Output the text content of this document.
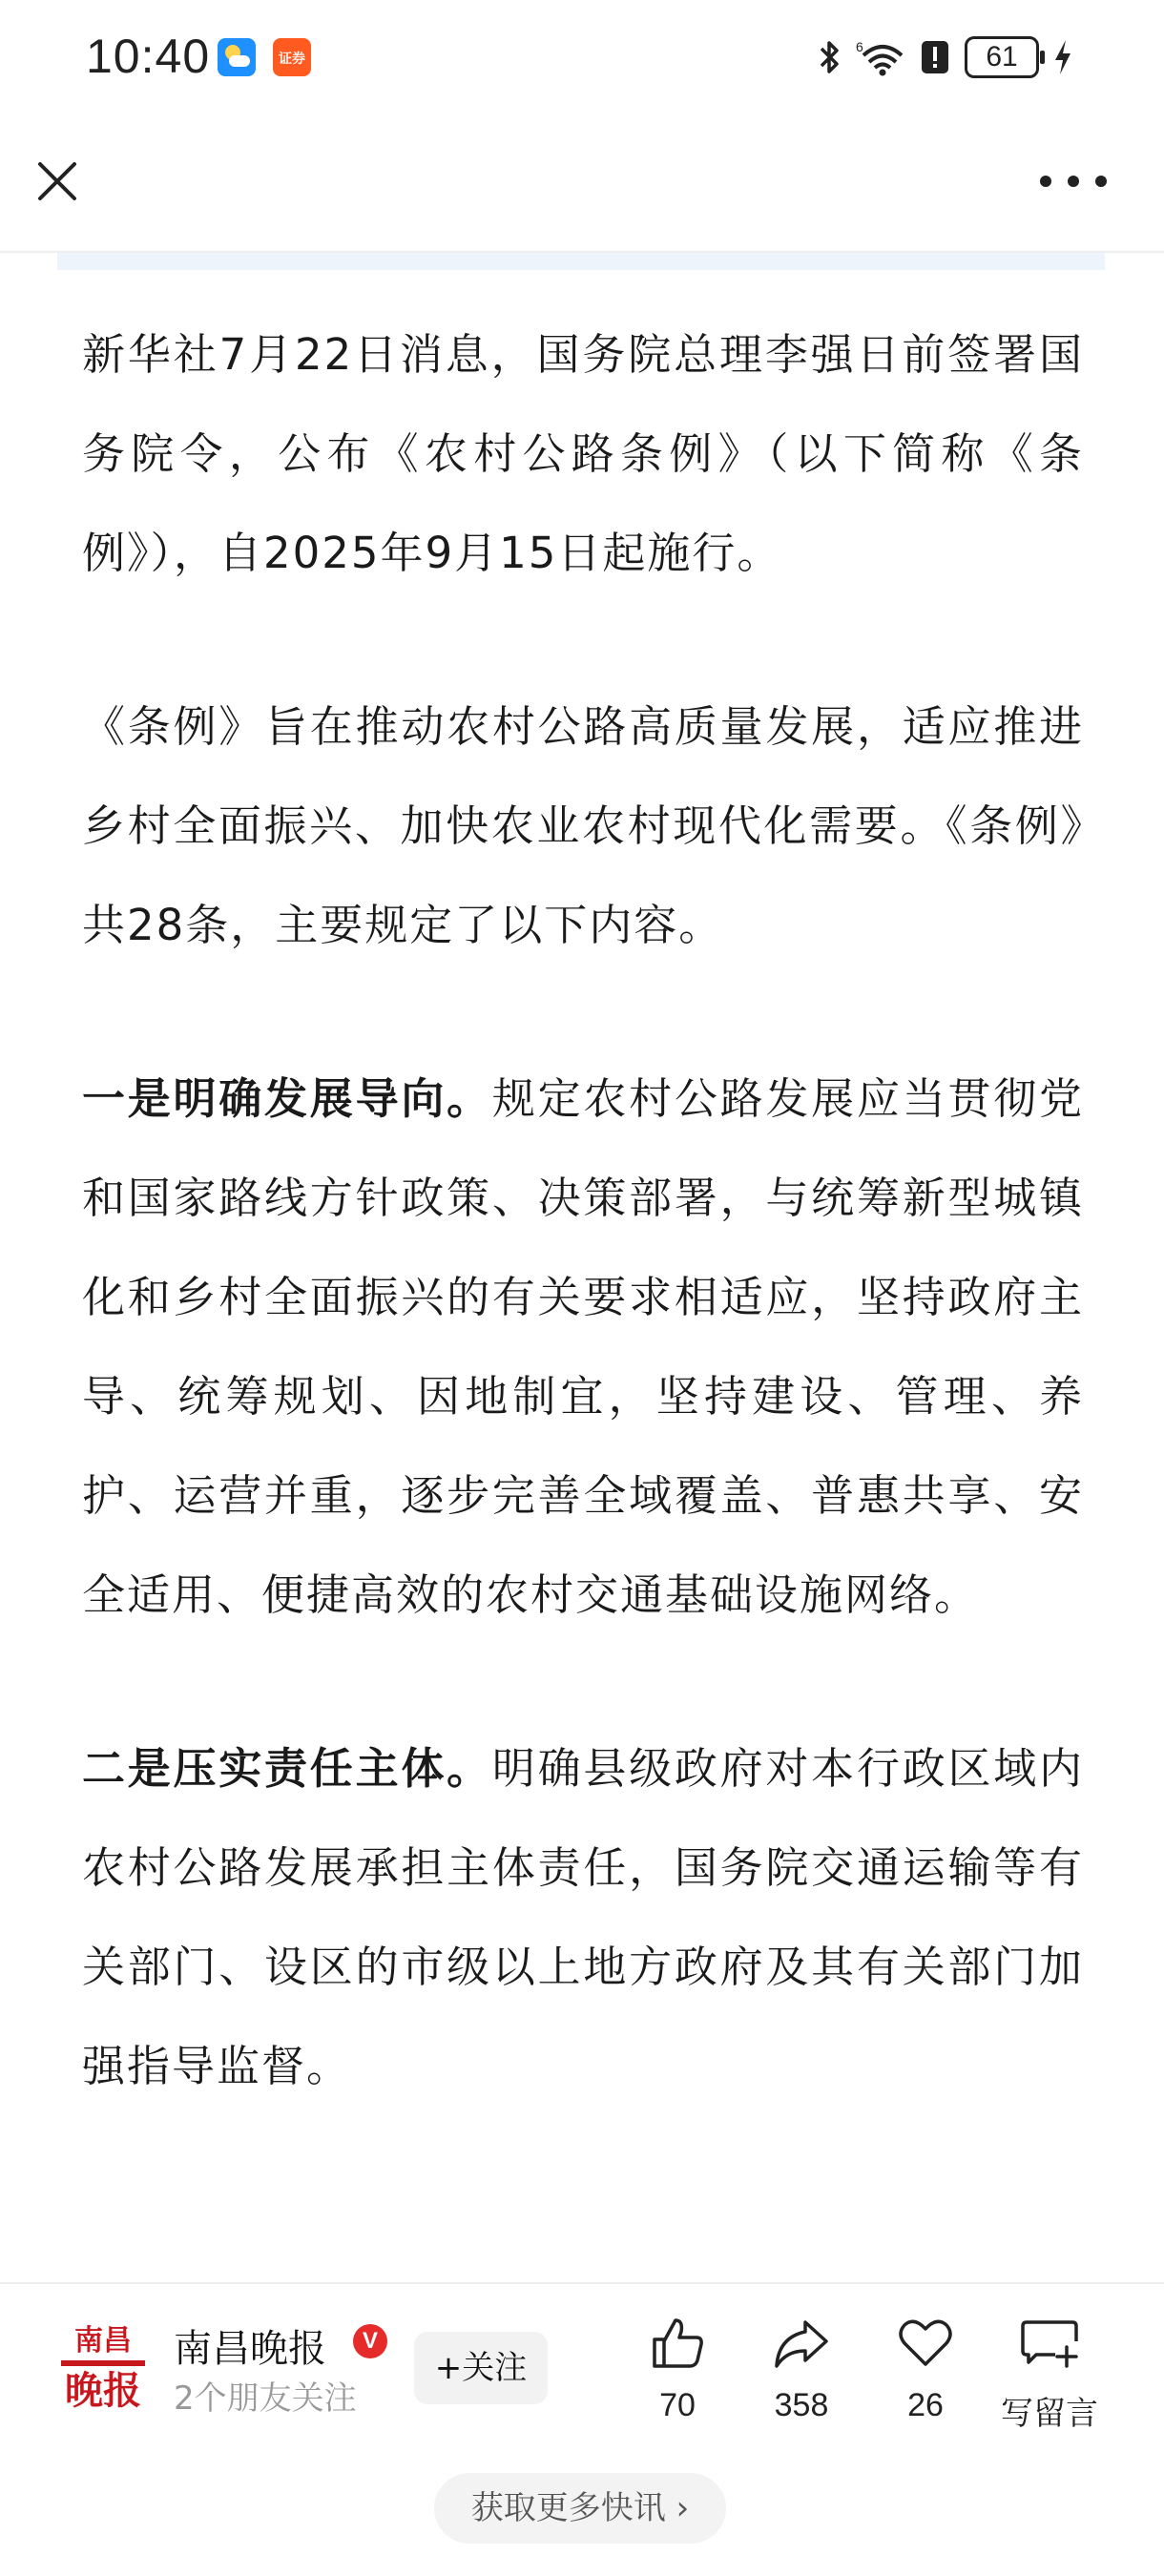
10:40	证券
6	61

新华社7月22日消息，国务院总理李强日前签署国务院令，公布《农村公路条例》（以下简称《条例》），自2025年9月15日起施行。

《条例》旨在推动农村公路高质量发展，适应推进乡村全面振兴、加快农业农村现代化需要。《条例》共28条，主要规定了以下内容。

一是明确发展导向。规定农村公路发展应当贯彻党和国家路线方针政策、决策部署，与统筹新型城镇化和乡村全面振兴的有关要求相适应，坚持政府主导、统筹规划、因地制宜，坚持建设、管理、养护、运营并重，逐步完善全域覆盖、普惠共享、安全适用、便捷高效的农村交通基础设施网络。

二是压实责任主体。明确县级政府对本行政区域内农村公路发展承担主体责任，国务院交通运输等有关部门、设区的市级以上地方政府及其有关部门加强指导监督。

南昌
晚报
南昌晚报	V
2个朋友关注
+关注
70	358	26	写留言
获取更多快讯 ›
